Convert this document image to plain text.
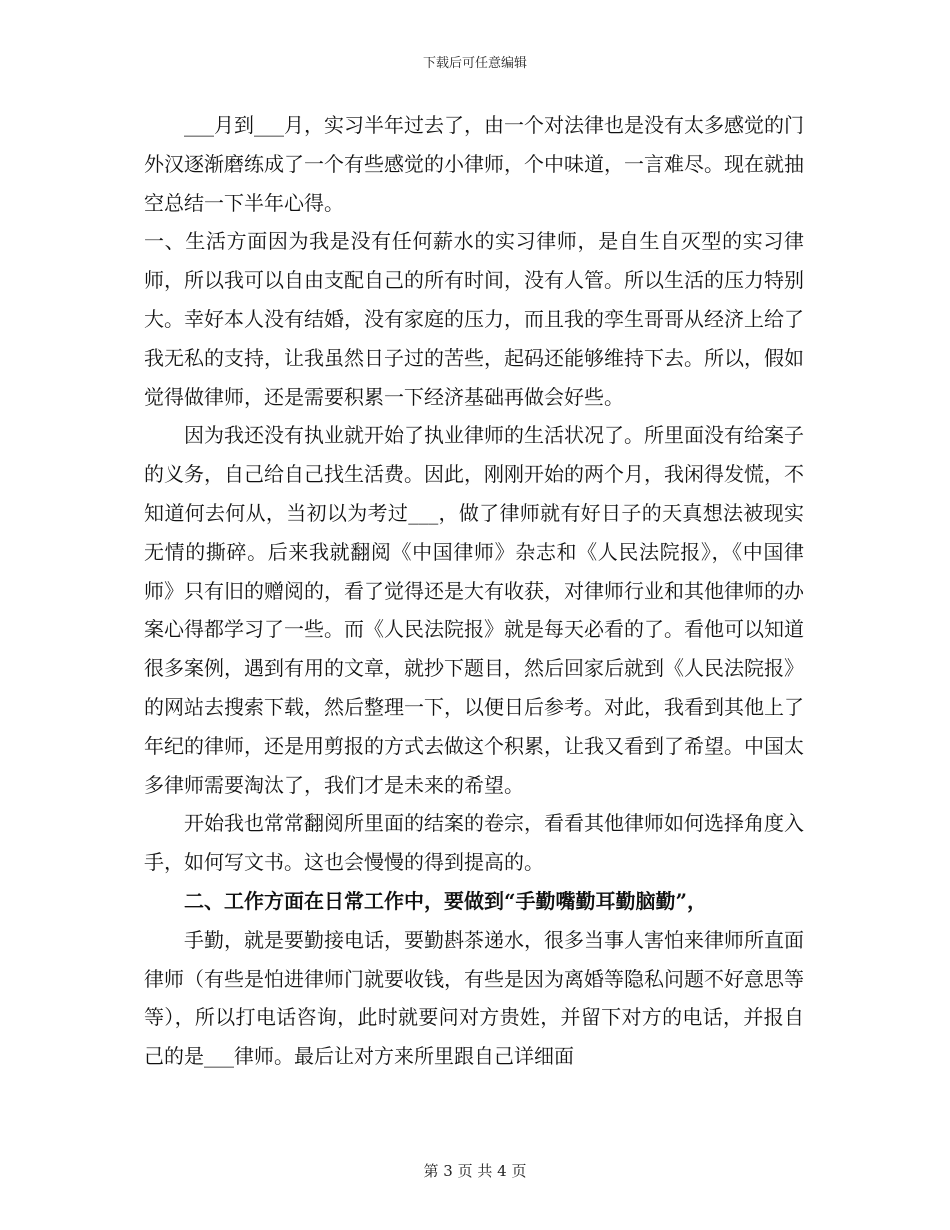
下载后可任意编辑

___月到___月，实习半年过去了，由一个对法律也是没有太多感觉的门外汉逐渐磨练成了一个有些感觉的小律师，个中味道，一言难尽。现在就抽空总结一下半年心得。

一、生活方面因为我是没有任何薪水的实习律师，是自生自灭型的实习律师，所以我可以自由支配自己的所有时间，没有人管。所以生活的压力特别大。幸好本人没有结婚，没有家庭的压力，而且我的孪生哥哥从经济上给了我无私的支持，让我虽然日子过的苦些，起码还能够维持下去。所以，假如觉得做律师，还是需要积累一下经济基础再做会好些。

因为我还没有执业就开始了执业律师的生活状况了。所里面没有给案子的义务，自己给自己找生活费。因此，刚刚开始的两个月，我闲得发慌，不知道何去何从，当初以为考过___，做了律师就有好日子的天真想法被现实无情的撕碎。后来我就翻阅《中国律师》杂志和《人民法院报》，《中国律师》只有旧的赠阅的，看了觉得还是大有收获，对律师行业和其他律师的办案心得都学习了一些。而《人民法院报》就是每天必看的了。看他可以知道很多案例，遇到有用的文章，就抄下题目，然后回家后就到《人民法院报》的网站去搜索下载，然后整理一下，以便日后参考。对此，我看到其他上了年纪的律师，还是用剪报的方式去做这个积累，让我又看到了希望。中国太多律师需要淘汰了，我们才是未来的希望。

开始我也常常翻阅所里面的结案的卷宗，看看其他律师如何选择角度入手，如何写文书。这也会慢慢的得到提高的。

二、工作方面在日常工作中，要做到“手勤嘴勤耳勤脑勤”，

手勤，就是要勤接电话，要勤斟茶递水，很多当事人害怕来律师所直面律师（有些是怕进律师门就要收钱，有些是因为离婚等隐私问题不好意思等等），所以打电话咨询，此时就要问对方贵姓，并留下对方的电话，并报自己的是___律师。最后让对方来所里跟自己详细面

第 3 页 共 4 页
